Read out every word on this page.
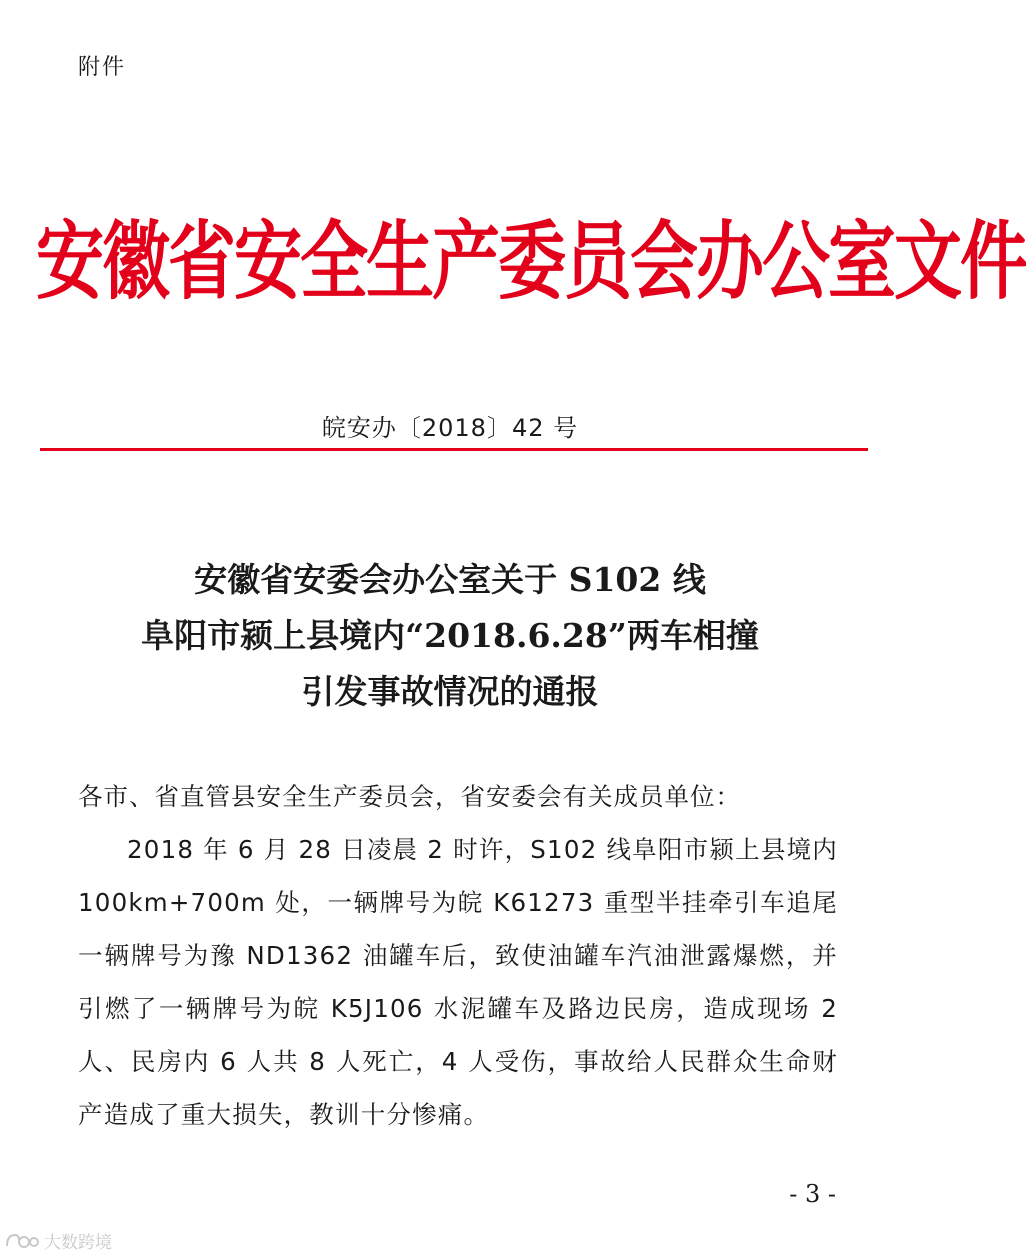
附件
安徽省安全生产委员会办公室文件
皖安办〔2018〕42 号
安徽省安委会办公室关于 S102 线
阜阳市颍上县境内“2018.6.28”两车相撞
引发事故情况的通报

各市、省直管县安全生产委员会，省安委会有关成员单位：

2018 年 6 月 28 日凌晨 2 时许，S102 线阜阳市颍上县境内 100km+700m 处，一辆牌号为皖 K61273 重型半挂牵引车追尾一辆牌号为豫 ND1362 油罐车后，致使油罐车汽油泄露爆燃，并引燃了一辆牌号为皖 K5J106 水泥罐车及路边民房，造成现场 2 人、民房内 6 人共 8 人死亡，4 人受伤，事故给人民群众生命财产造成了重大损失，教训十分惨痛。

- 3 -
大数跨境
